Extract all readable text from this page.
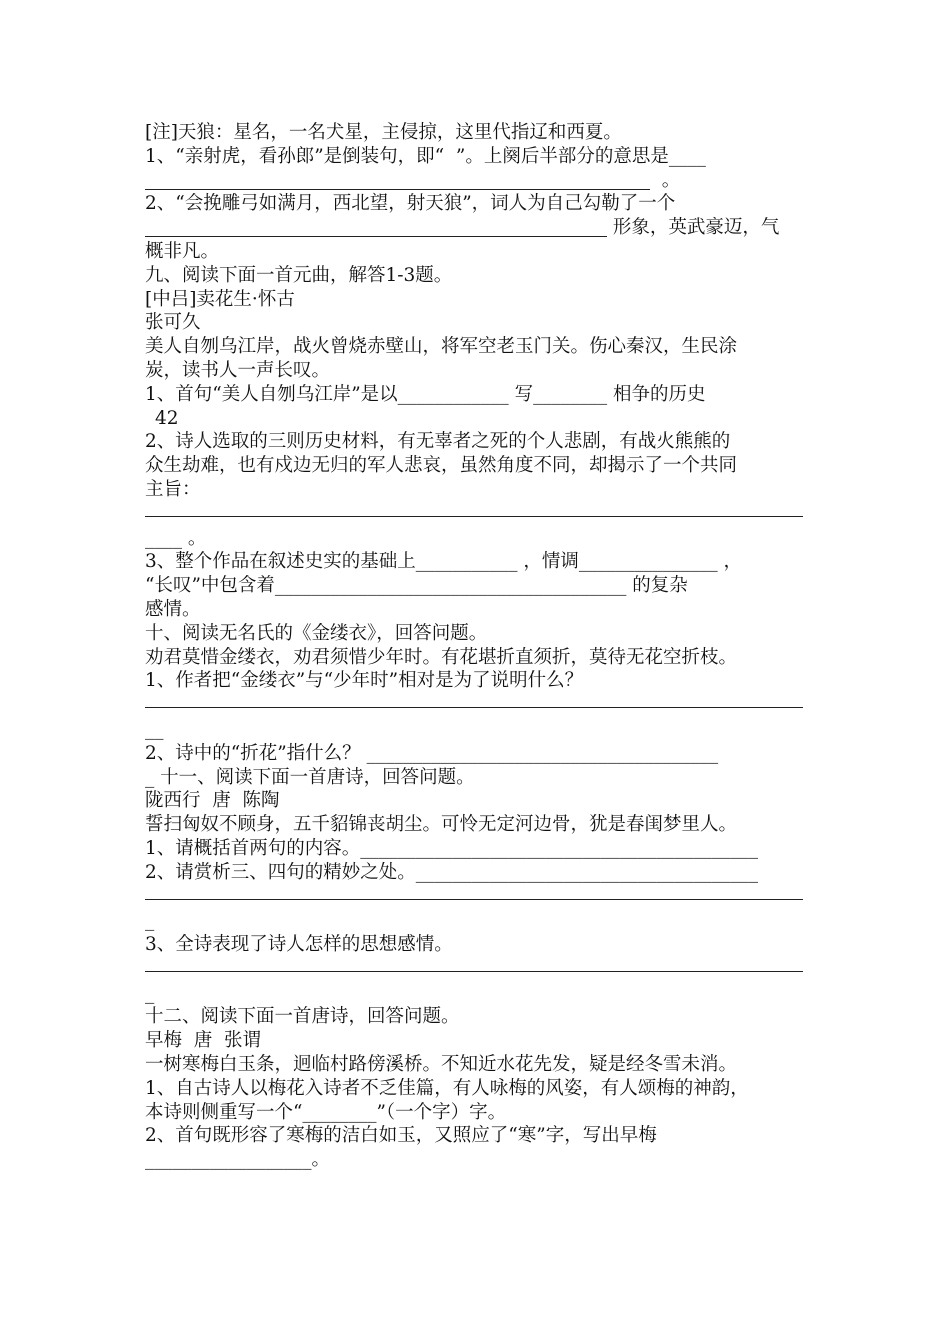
[注]天狼：星名，一名犬星，主侵掠，这里代指辽和西夏。
1、“亲射虎，看孙郎”是倒装句，即“  ”。上阕后半部分的意思是____
。
2、“会挽雕弓如满月，西北望，射天狼”，词人为自己勾勒了一个
形象，英武豪迈，气
概非凡。
九、阅读下面一首元曲，解答1-3题。
[中吕]卖花生·怀古
张可久
美人自刎乌江岸，战火曾烧赤壁山，将军空老玉门关。伤心秦汉，生民涂
炭，读书人一声长叹。
1、首句“美人自刎乌江岸”是以____________ 写________ 相争的历史
42
2、诗人选取的三则历史材料，有无辜者之死的个人悲剧，有战火熊熊的
众生劫难，也有戍边无归的军人悲哀，虽然角度不同，却揭示了一个共同
主旨：
____ 。
3、整个作品在叙述史实的基础上___________ ，情调_______________ ，
“长叹”中包含着______________________________________ 的复杂
感情。
十、阅读无名氏的《金缕衣》，回答问题。
劝君莫惜金缕衣，劝君须惜少年时。有花堪折直须折，莫待无花空折枝。
1、作者把“金缕衣”与“少年时”相对是为了说明什么？
__
2、诗中的“折花”指什么？ ______________________________________
_ 十一、阅读下面一首唐诗，回答问题。
陇西行  唐  陈陶
誓扫匈奴不顾身，五千貂锦丧胡尘。可怜无定河边骨，犹是春闺梦里人。
1、请概括首两句的内容。___________________________________________
2、请赏析三、四句的精妙之处。_____________________________________
_
3、全诗表现了诗人怎样的思想感情。
_
十二、阅读下面一首唐诗，回答问题。
早梅  唐  张谓
一树寒梅白玉条，迥临村路傍溪桥。不知近水花先发，疑是经冬雪未消。
1、自古诗人以梅花入诗者不乏佳篇，有人咏梅的风姿，有人颂梅的神韵，
本诗则侧重写一个“________”（一个字）字。
2、首句既形容了寒梅的洁白如玉，又照应了“寒”字，写出早梅
__________________。
